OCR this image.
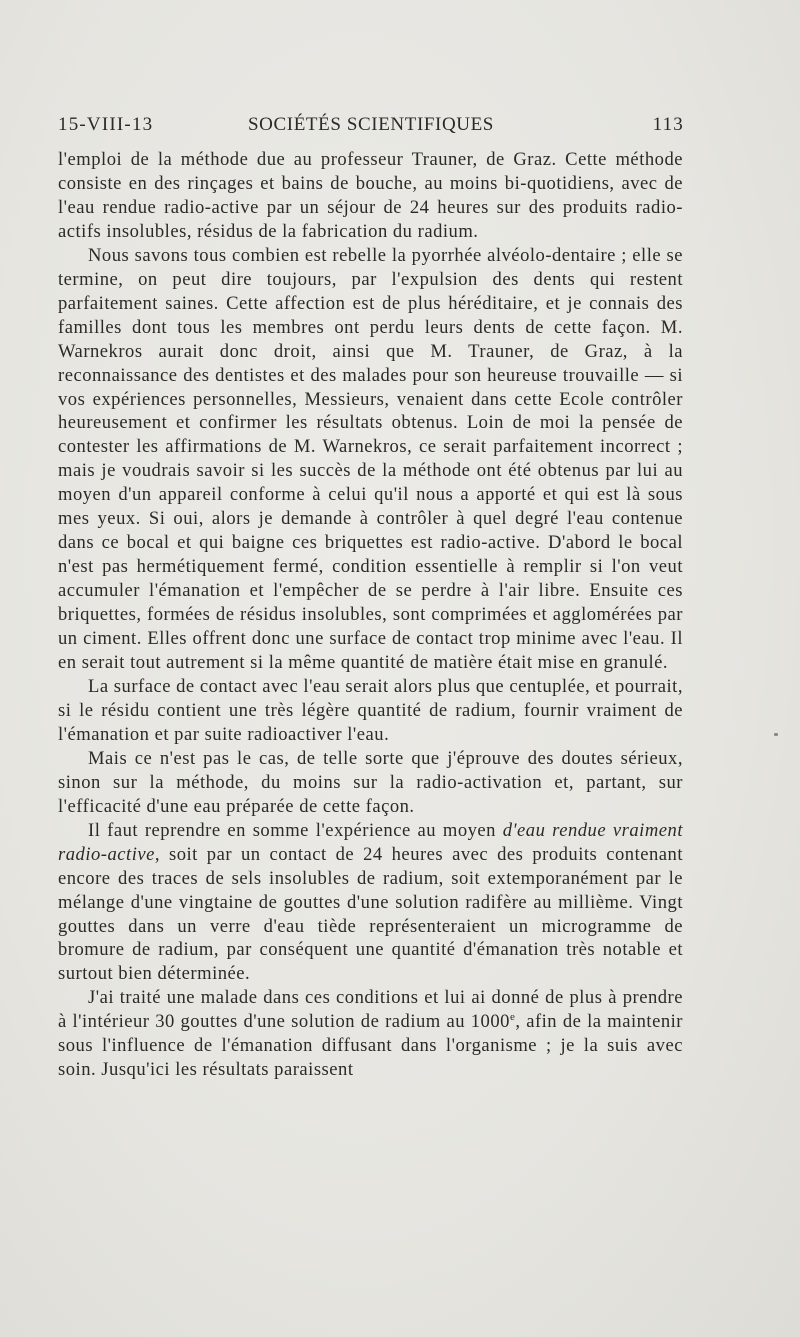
15-VIII-13	SOCIÉTÉS SCIENTIFIQUES	113

l'emploi de la méthode due au professeur Trauner, de Graz. Cette méthode consiste en des rinçages et bains de bouche, au moins bi-quotidiens, avec de l'eau rendue radio-active par un séjour de 24 heures sur des produits radio-actifs insolubles, résidus de la fabrication du radium.

Nous savons tous combien est rebelle la pyorrhée alvéolo-dentaire ; elle se termine, on peut dire toujours, par l'expulsion des dents qui restent parfaitement saines. Cette affection est de plus héréditaire, et je connais des familles dont tous les membres ont perdu leurs dents de cette façon. M. Warnekros aurait donc droit, ainsi que M. Trauner, de Graz, à la reconnaissance des dentistes et des malades pour son heureuse trouvaille — si vos expériences personnelles, Messieurs, venaient dans cette Ecole contrôler heureusement et confirmer les résultats obtenus. Loin de moi la pensée de contester les affirmations de M. Warnekros, ce serait parfaitement incorrect ; mais je voudrais savoir si les succès de la méthode ont été obtenus par lui au moyen d'un appareil conforme à celui qu'il nous a apporté et qui est là sous mes yeux. Si oui, alors je demande à contrôler à quel degré l'eau contenue dans ce bocal et qui baigne ces briquettes est radio-active. D'abord le bocal n'est pas hermétiquement fermé, condition essentielle à remplir si l'on veut accumuler l'émanation et l'empêcher de se perdre à l'air libre. Ensuite ces briquettes, formées de résidus insolubles, sont comprimées et agglomérées par un ciment. Elles offrent donc une surface de contact trop minime avec l'eau. Il en serait tout autrement si la même quantité de matière était mise en granulé.

La surface de contact avec l'eau serait alors plus que centuplée, et pourrait, si le résidu contient une très légère quantité de radium, fournir vraiment de l'émanation et par suite radioactiver l'eau.

Mais ce n'est pas le cas, de telle sorte que j'éprouve des doutes sérieux, sinon sur la méthode, du moins sur la radio-activation et, partant, sur l'efficacité d'une eau préparée de cette façon.

Il faut reprendre en somme l'expérience au moyen d'eau rendue vraiment radio-active, soit par un contact de 24 heures avec des produits contenant encore des traces de sels insolubles de radium, soit extemporanément par le mélange d'une vingtaine de gouttes d'une solution radifère au millième. Vingt gouttes dans un verre d'eau tiède représenteraient un microgramme de bromure de radium, par conséquent une quantité d'émanation très notable et surtout bien déterminée.

J'ai traité une malade dans ces conditions et lui ai donné de plus à prendre à l'intérieur 30 gouttes d'une solution de radium au 1000e, afin de la maintenir sous l'influence de l'émanation diffusant dans l'organisme ; je la suis avec soin. Jusqu'ici les résultats paraissent
